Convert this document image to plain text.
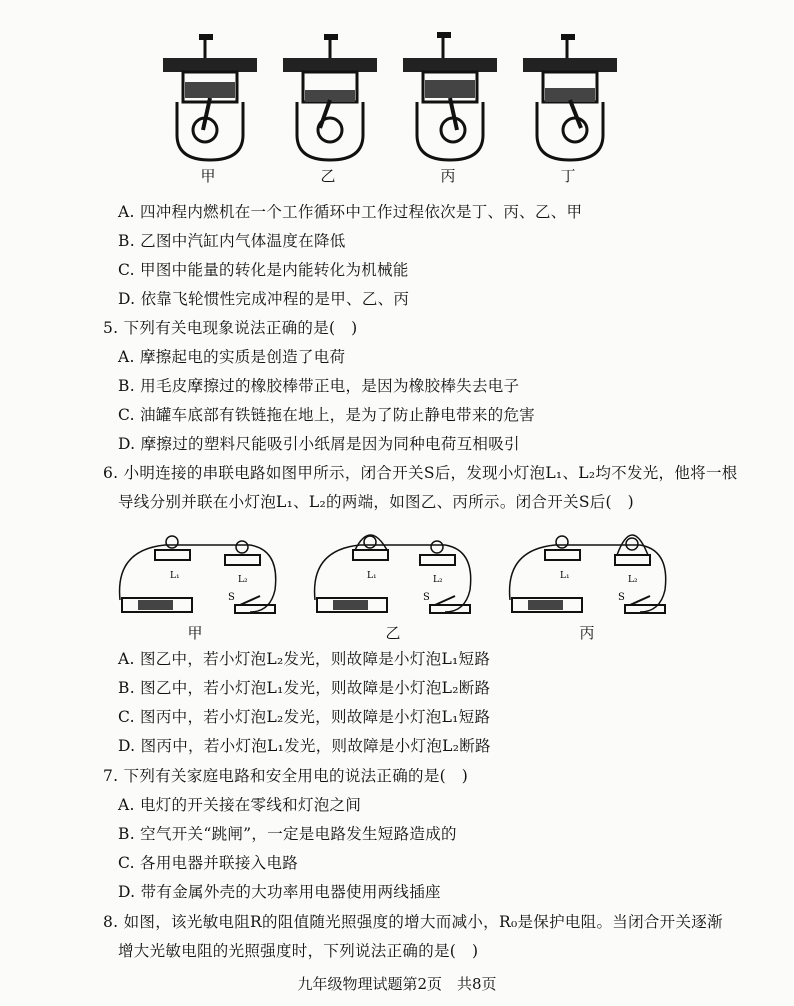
甲	乙	丙	丁
A. 四冲程内燃机在一个工作循环中工作过程依次是丁、丙、乙、甲
B. 乙图中汽缸内气体温度在降低
C. 甲图中能量的转化是内能转化为机械能
D. 依靠飞轮惯性完成冲程的是甲、乙、丙
5. 下列有关电现象说法正确的是(　)
A. 摩擦起电的实质是创造了电荷
B. 用毛皮摩擦过的橡胶棒带正电，是因为橡胶棒失去电子
C. 油罐车底部有铁链拖在地上，是为了防止静电带来的危害
D. 摩擦过的塑料尺能吸引小纸屑是因为同种电荷互相吸引
6. 小明连接的串联电路如图甲所示，闭合开关S后，发现小灯泡L₁、L₂均不发光，他将一根
导线分别并联在小灯泡L₁、L₂的两端，如图乙、丙所示。闭合开关S后(　)
L₁	L₂
S
L₁	L₂
S
L₁	L₂
S
甲	乙	丙
A. 图乙中，若小灯泡L₂发光，则故障是小灯泡L₁短路
B. 图乙中，若小灯泡L₁发光，则故障是小灯泡L₂断路
C. 图丙中，若小灯泡L₂发光，则故障是小灯泡L₁短路
D. 图丙中，若小灯泡L₁发光，则故障是小灯泡L₂断路
7. 下列有关家庭电路和安全用电的说法正确的是(　)
A. 电灯的开关接在零线和灯泡之间
B. 空气开关“跳闸”，一定是电路发生短路造成的
C. 各用电器并联接入电路
D. 带有金属外壳的大功率用电器使用两线插座
8. 如图，该光敏电阻R的阻值随光照强度的增大而减小，R₀是保护电阻。当闭合开关逐渐
增大光敏电阻的光照强度时，下列说法正确的是(　)
九年级物理试题第2页　共8页
